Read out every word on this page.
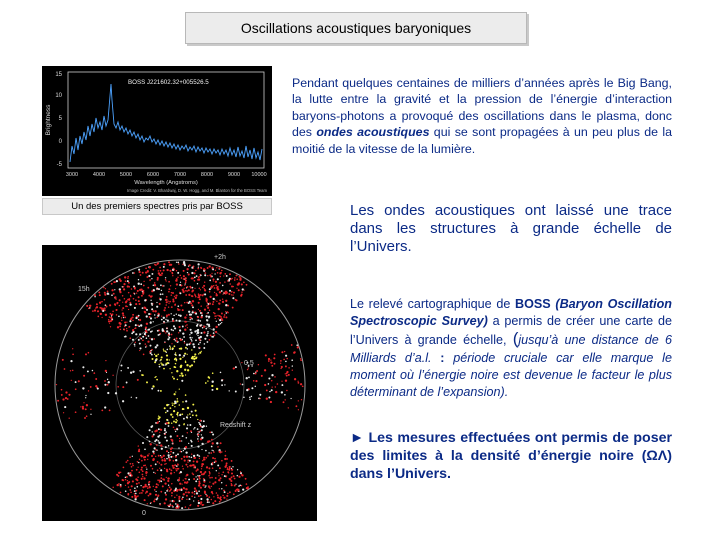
Oscillations acoustiques baryoniques
15
10
5
0
-5
Brightness
BOSS J221602.32+005526.5
3000	4000	5000	6000	7000	8000	9000 10000
Wavelength (Angstroms)
Image Credit: V. Bhardwaj, D. W. Hogg, and M. Blanton for the BOSS Team
Un des premiers spectres pris par BOSS
Pendant quelques centaines de milliers d’années après le Big Bang, la lutte entre la gravité et la pression de l’énergie d’interaction baryons-photons a provoqué des oscillations dans le plasma, donc des ondes acoustiques qui se sont propagées à un peu plus de la moitié de la vitesse de la lumière.
Les ondes acoustiques ont laissé une trace dans les structures à grande échelle de l’Univers.
Le relevé cartographique de BOSS (Baryon Oscillation Spectroscopic Survey) a permis de créer une carte de l’Univers à grande échelle, (jusqu’à une distance de 6 Milliards d’a.l. : période cruciale car elle marque le moment où l’énergie noire est devenue le facteur le plus déterminant de l’expansion).
► Les mesures effectuées ont permis de poser des limites à la densité d’énergie noire (ΩΛ) dans l’Univers.
+2h
0.5
Redshift z
15h
0
